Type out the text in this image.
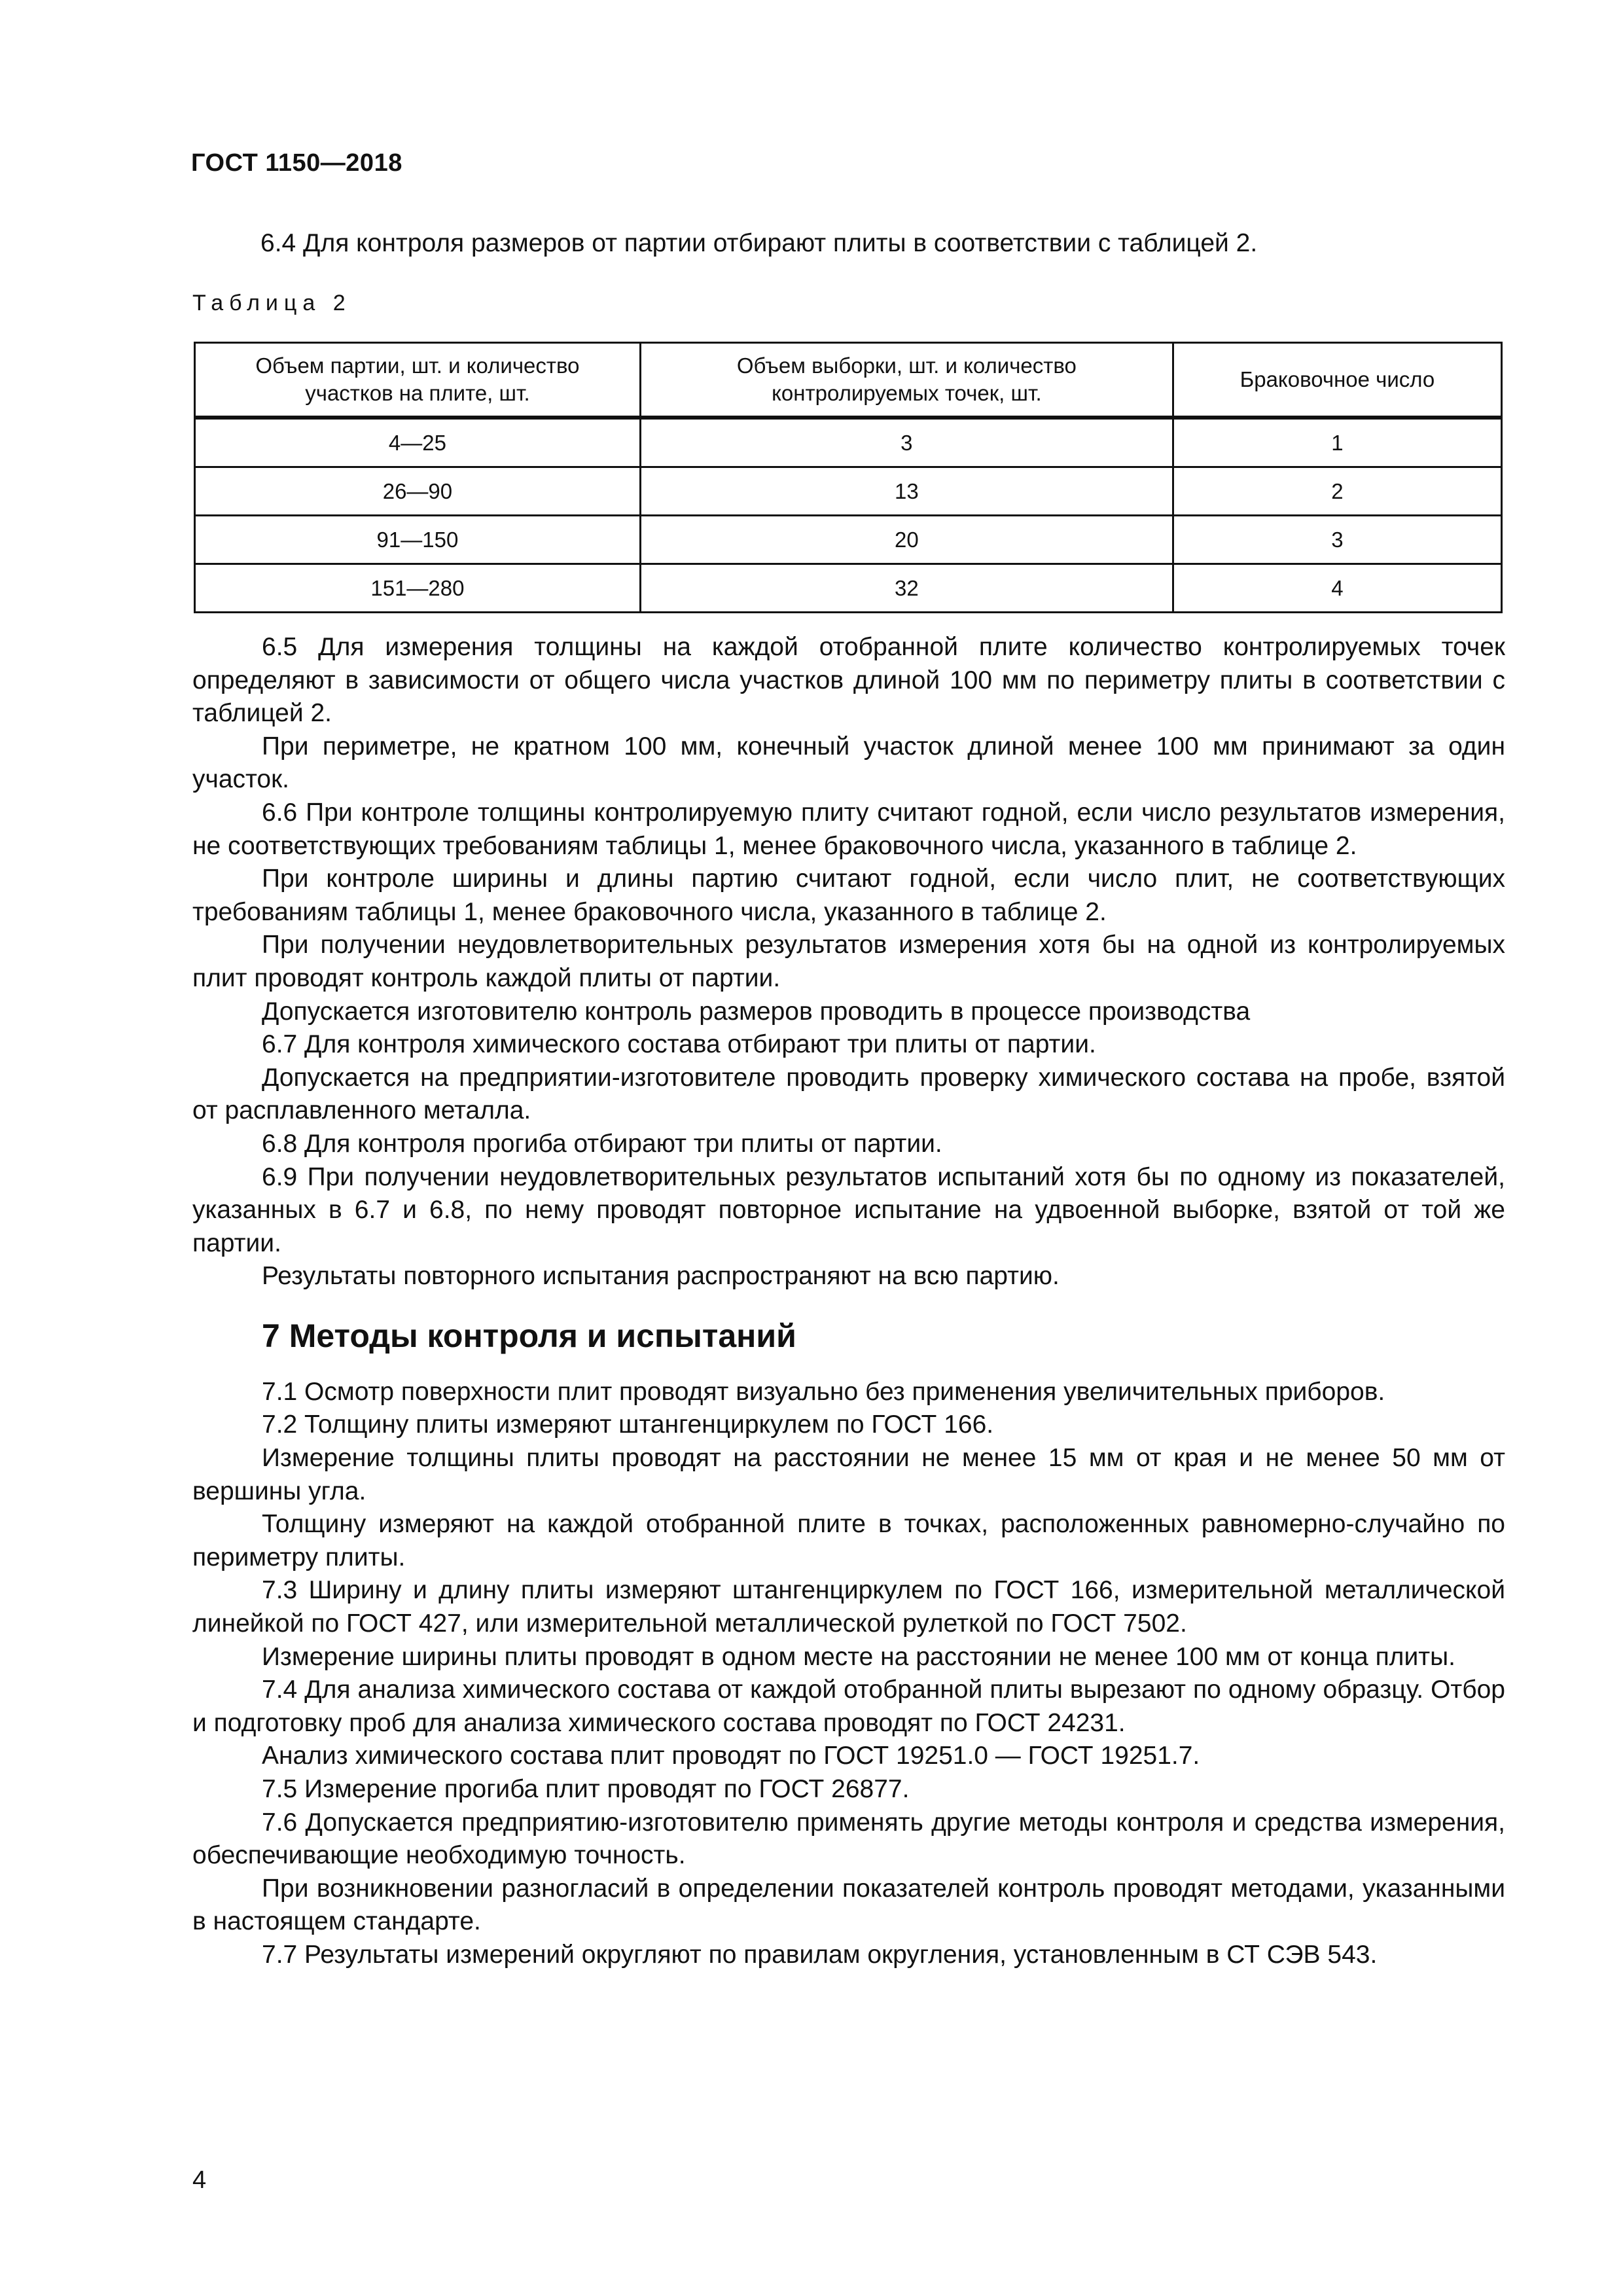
ГОСТ 1150—2018
6.4 Для контроля размеров от партии отбирают плиты в соответствии с таблицей 2.
Таблица 2
Объем партии, шт. и количество участков на плите, шт.	Объем выборки, шт. и количество контролируемых точек, шт.	Браковочное число
4—25	3	1
26—90	13	2
91—150	20	3
151—280	32	4

6.5 Для измерения толщины на каждой отобранной плите количество контролируемых точек определяют в зависимости от общего числа участков длиной 100 мм по периметру плиты в соответствии с таблицей 2.

При периметре, не кратном 100 мм, конечный участок длиной менее 100 мм принимают за один участок.

6.6 При контроле толщины контролируемую плиту считают годной, если число результатов измерения, не соответствующих требованиям таблицы 1, менее браковочного числа, указанного в таблице 2.

При контроле ширины и длины партию считают годной, если число плит, не соответствующих требованиям таблицы 1, менее браковочного числа, указанного в таблице 2.

При получении неудовлетворительных результатов измерения хотя бы на одной из контролируемых плит проводят контроль каждой плиты от партии.

Допускается изготовителю контроль размеров проводить в процессе производства

6.7 Для контроля химического состава отбирают три плиты от партии.

Допускается на предприятии-изготовителе проводить проверку химического состава на пробе, взятой от расплавленного металла.

6.8 Для контроля прогиба отбирают три плиты от партии.

6.9 При получении неудовлетворительных результатов испытаний хотя бы по одному из показателей, указанных в 6.7 и 6.8, по нему проводят повторное испытание на удвоенной выборке, взятой от той же партии.

Результаты повторного испытания распространяют на всю партию.

7 Методы контроля и испытаний

7.1 Осмотр поверхности плит проводят визуально без применения увеличительных приборов.

7.2 Толщину плиты измеряют штангенциркулем по ГОСТ 166.

Измерение толщины плиты проводят на расстоянии не менее 15 мм от края и не менее 50 мм от вершины угла.

Толщину измеряют на каждой отобранной плите в точках, расположенных равномерно-случайно по периметру плиты.

7.3 Ширину и длину плиты измеряют штангенциркулем по ГОСТ 166, измерительной металлической линейкой по ГОСТ 427, или измерительной металлической рулеткой по ГОСТ 7502.

Измерение ширины плиты проводят в одном месте на расстоянии не менее 100 мм от конца плиты.

7.4 Для анализа химического состава от каждой отобранной плиты вырезают по одному образцу. Отбор и подготовку проб для анализа химического состава проводят по ГОСТ 24231.

Анализ химического состава плит проводят по ГОСТ 19251.0 — ГОСТ 19251.7.

7.5 Измерение прогиба плит проводят по ГОСТ 26877.

7.6 Допускается предприятию-изготовителю применять другие методы контроля и средства измерения, обеспечивающие необходимую точность.

При возникновении разногласий в определении показателей контроль проводят методами, указанными в настоящем стандарте.

7.7 Результаты измерений округляют по правилам округления, установленным в СТ СЭВ 543.

4
